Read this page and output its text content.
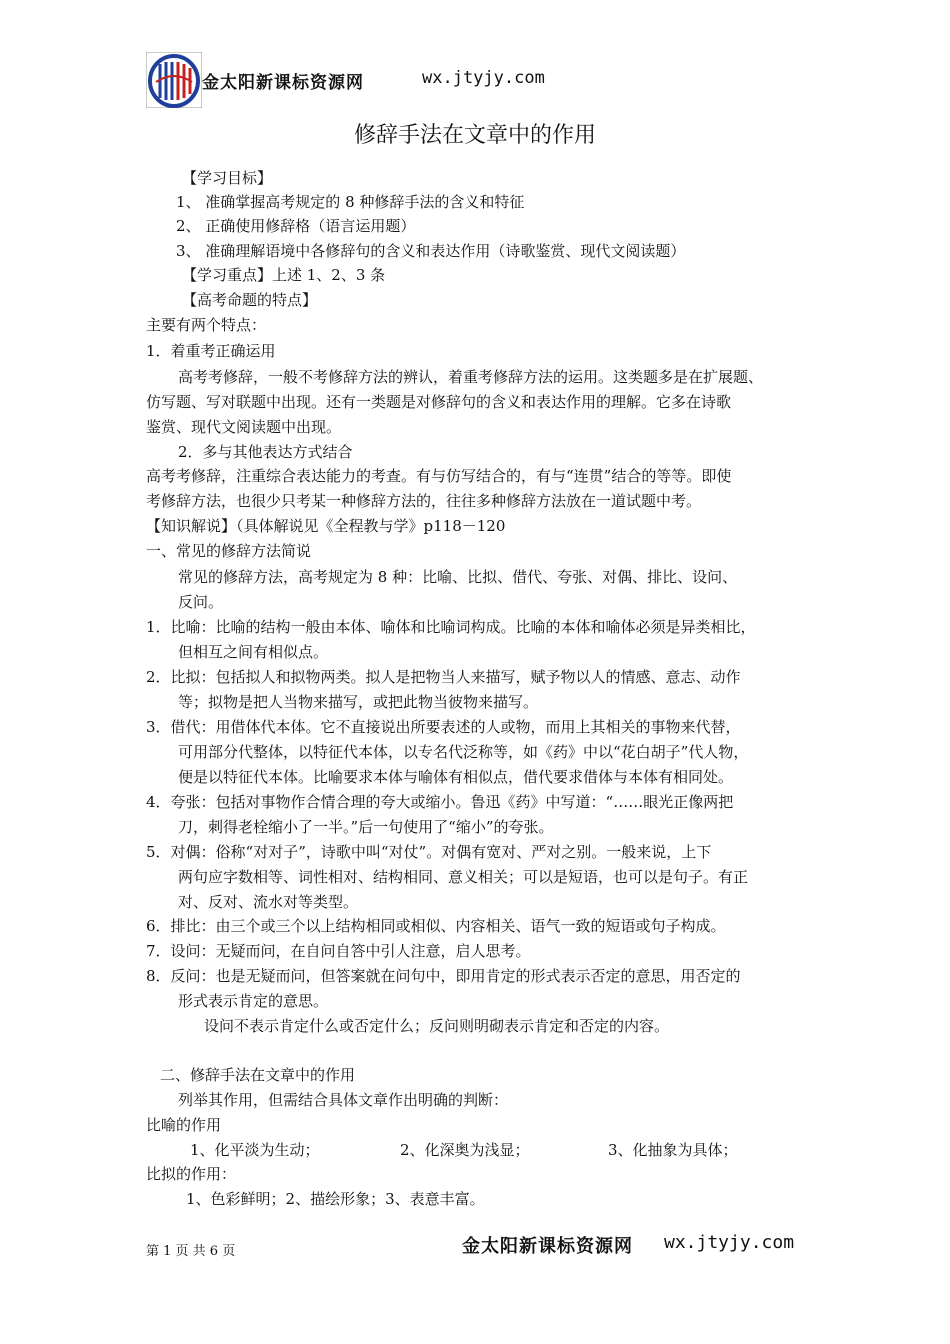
金太阳新课标资源网	wx.jtyjy.com
修辞手法在文章中的作用
【学习目标】
1、 准确掌握高考规定的 8 种修辞手法的含义和特征
2、 正确使用修辞格（语言运用题）
3、 准确理解语境中各修辞句的含义和表达作用（诗歌鉴赏、现代文阅读题）
【学习重点】上述 1、2、3 条
【高考命题的特点】
主要有两个特点：
1．着重考正确运用
高考考修辞，一般不考修辞方法的辨认，着重考修辞方法的运用。这类题多是在扩展题、
仿写题、写对联题中出现。还有一类题是对修辞句的含义和表达作用的理解。它多在诗歌
鉴赏、现代文阅读题中出现。
2．多与其他表达方式结合
高考考修辞，注重综合表达能力的考查。有与仿写结合的，有与“连贯”结合的等等。即使
考修辞方法，也很少只考某一种修辞方法的，往往多种修辞方法放在一道试题中考。
【知识解说】（具体解说见《全程教与学》p118－120
一、常见的修辞方法简说
常见的修辞方法，高考规定为 8 种：比喻、比拟、借代、夸张、对偶、排比、设问、
反问。
1．比喻：比喻的结构一般由本体、喻体和比喻词构成。比喻的本体和喻体必须是异类相比，
但相互之间有相似点。
2．比拟：包括拟人和拟物两类。拟人是把物当人来描写，赋予物以人的情感、意志、动作
等；拟物是把人当物来描写，或把此物当彼物来描写。
3．借代：用借体代本体。它不直接说出所要表述的人或物，而用上其相关的事物来代替，
可用部分代整体，以特征代本体，以专名代泛称等，如《药》中以“花白胡子”代人物，
便是以特征代本体。比喻要求本体与喻体有相似点，借代要求借体与本体有相同处。
4．夸张：包括对事物作合情合理的夸大或缩小。鲁迅《药》中写道：“……眼光正像两把
刀，刺得老栓缩小了一半。”后一句使用了“缩小”的夸张。
5．对偶：俗称“对对子”，诗歌中叫“对仗”。对偶有宽对、严对之别。一般来说，上下
两句应字数相等、词性相对、结构相同、意义相关；可以是短语，也可以是句子。有正
对、反对、流水对等类型。
6．排比：由三个或三个以上结构相同或相似、内容相关、语气一致的短语或句子构成。
7．设问：无疑而问，在自问自答中引人注意，启人思考。
8．反问：也是无疑而问，但答案就在问句中，即用肯定的形式表示否定的意思，用否定的
形式表示肯定的意思。
设问不表示肯定什么或否定什么；反问则明砌表示肯定和否定的内容。
二、修辞手法在文章中的作用
列举其作用，但需结合具体文章作出明确的判断：
比喻的作用
1、化平淡为生动；	2、化深奥为浅显；	3、化抽象为具体；
比拟的作用：
1、色彩鲜明；2、描绘形象；3、表意丰富。
第 1 页 共 6 页	金太阳新课标资源网 wx.jtyjy.com
